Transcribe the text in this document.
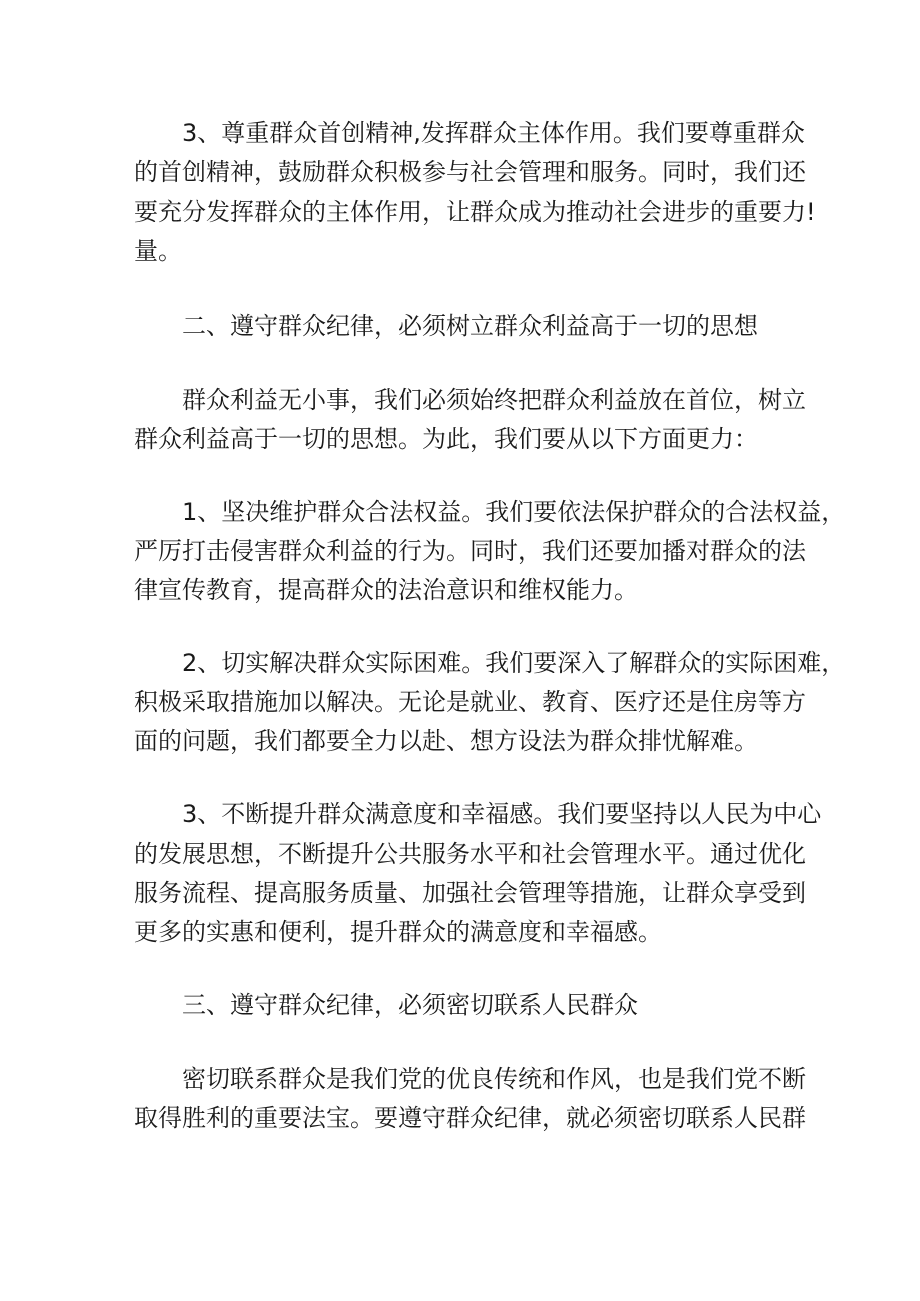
3、尊重群众首创精神,发挥群众主体作用。我们要尊重群众
的首创精神，鼓励群众积极参与社会管理和服务。同时，我们还
要充分发挥群众的主体作用，让群众成为推动社会进步的重要力!
量。
二、遵守群众纪律，必须树立群众利益高于一切的思想
群众利益无小事，我们必须始终把群众利益放在首位，树立
群众利益高于一切的思想。为此，我们要从以下方面更力：
1、坚决维护群众合法权益。我们要依法保护群众的合法权益，
严厉打击侵害群众利益的行为。同时，我们还要加播对群众的法
律宣传教育，提高群众的法治意识和维权能力。
2、切实解决群众实际困难。我们要深入了解群众的实际困难，
积极采取措施加以解决。无论是就业、教育、医疗还是住房等方
面的问题，我们都要全力以赴、想方设法为群众排忧解难。
3、不断提升群众满意度和幸福感。我们要坚持以人民为中心
的发展思想，不断提升公共服务水平和社会管理水平。通过优化
服务流程、提高服务质量、加强社会管理等措施，让群众享受到
更多的实惠和便利，提升群众的满意度和幸福感。
三、遵守群众纪律，必须密切联系人民群众
密切联系群众是我们党的优良传统和作风，也是我们党不断
取得胜利的重要法宝。要遵守群众纪律，就必须密切联系人民群
